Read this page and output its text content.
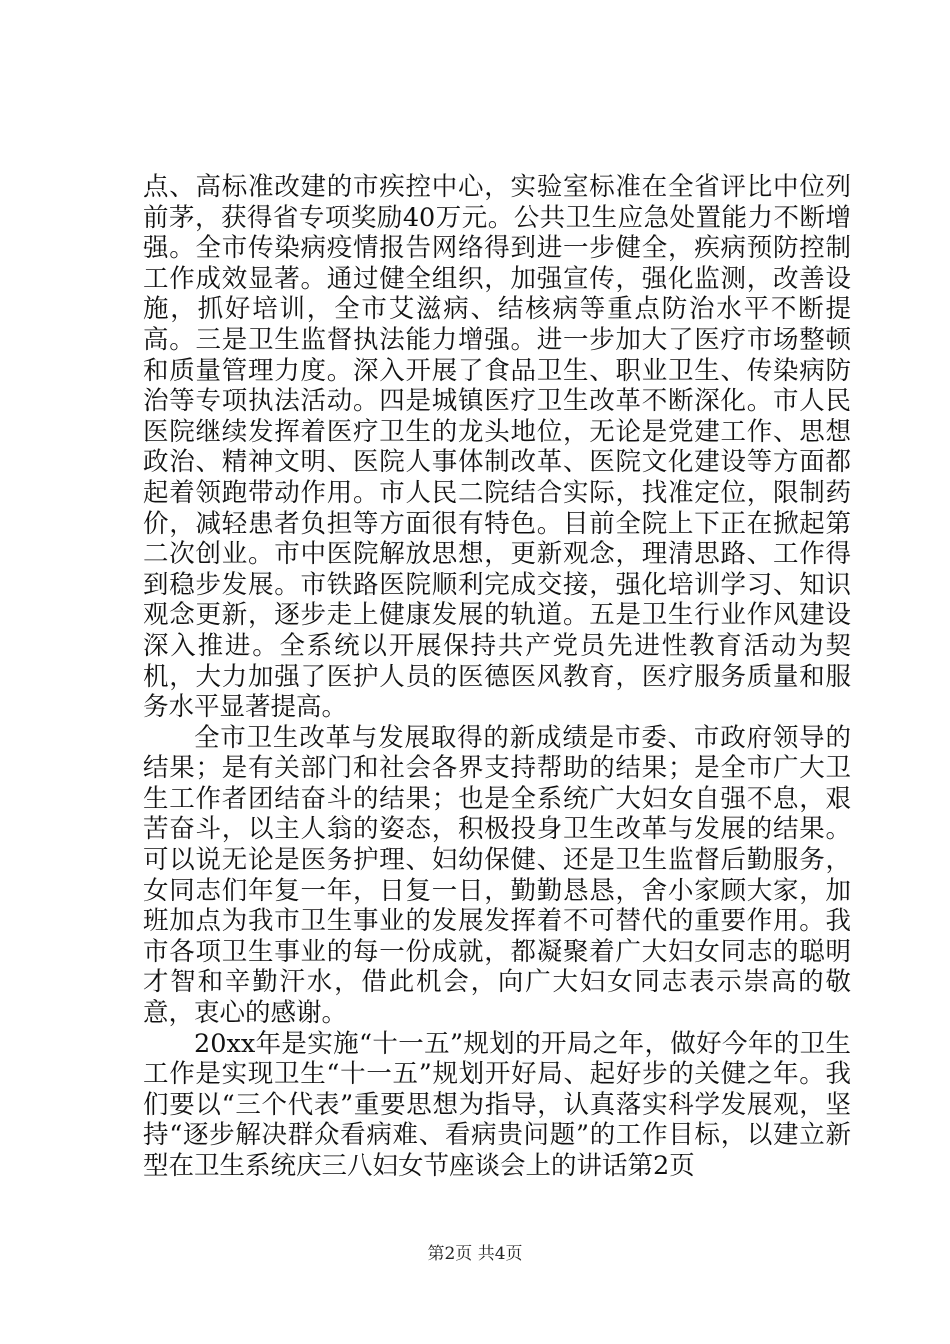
点、高标准改建的市疾控中心，实验室标准在全省评比中位列前茅，获得省专项奖励40万元。公共卫生应急处置能力不断增强。全市传染病疫情报告网络得到进一步健全，疾病预防控制工作成效显著。通过健全组织，加强宣传，强化监测，改善设施，抓好培训，全市艾滋病、结核病等重点防治水平不断提高。三是卫生监督执法能力增强。进一步加大了医疗市场整顿和质量管理力度。深入开展了食品卫生、职业卫生、传染病防治等专项执法活动。四是城镇医疗卫生改革不断深化。市人民医院继续发挥着医疗卫生的龙头地位，无论是党建工作、思想政治、精神文明、医院人事体制改革、医院文化建设等方面都起着领跑带动作用。市人民二院结合实际，找准定位，限制药价，减轻患者负担等方面很有特色。目前全院上下正在掀起第二次创业。市中医院解放思想，更新观念，理清思路、工作得到稳步发展。市铁路医院顺利完成交接，强化培训学习、知识观念更新，逐步走上健康发展的轨道。五是卫生行业作风建设深入推进。全系统以开展保持共产党员先进性教育活动为契机，大力加强了医护人员的医德医风教育，医疗服务质量和服务水平显著提高。

全市卫生改革与发展取得的新成绩是市委、市政府领导的结果；是有关部门和社会各界支持帮助的结果；是全市广大卫生工作者团结奋斗的结果；也是全系统广大妇女自强不息，艰苦奋斗，以主人翁的姿态，积极投身卫生改革与发展的结果。可以说无论是医务护理、妇幼保健、还是卫生监督后勤服务，女同志们年复一年，日复一日，勤勤恳恳，舍小家顾大家，加班加点为我市卫生事业的发展发挥着不可替代的重要作用。我市各项卫生事业的每一份成就，都凝聚着广大妇女同志的聪明才智和辛勤汗水，借此机会，向广大妇女同志表示崇高的敬意，衷心的感谢。

20xx年是实施“十一五”规划的开局之年，做好今年的卫生工作是实现卫生“十一五”规划开好局、起好步的关健之年。我们要以“三个代表”重要思想为指导，认真落实科学发展观，坚持“逐步解决群众看病难、看病贵问题”的工作目标，以建立新型在卫生系统庆三八妇女节座谈会上的讲话第2页

第2页 共4页
